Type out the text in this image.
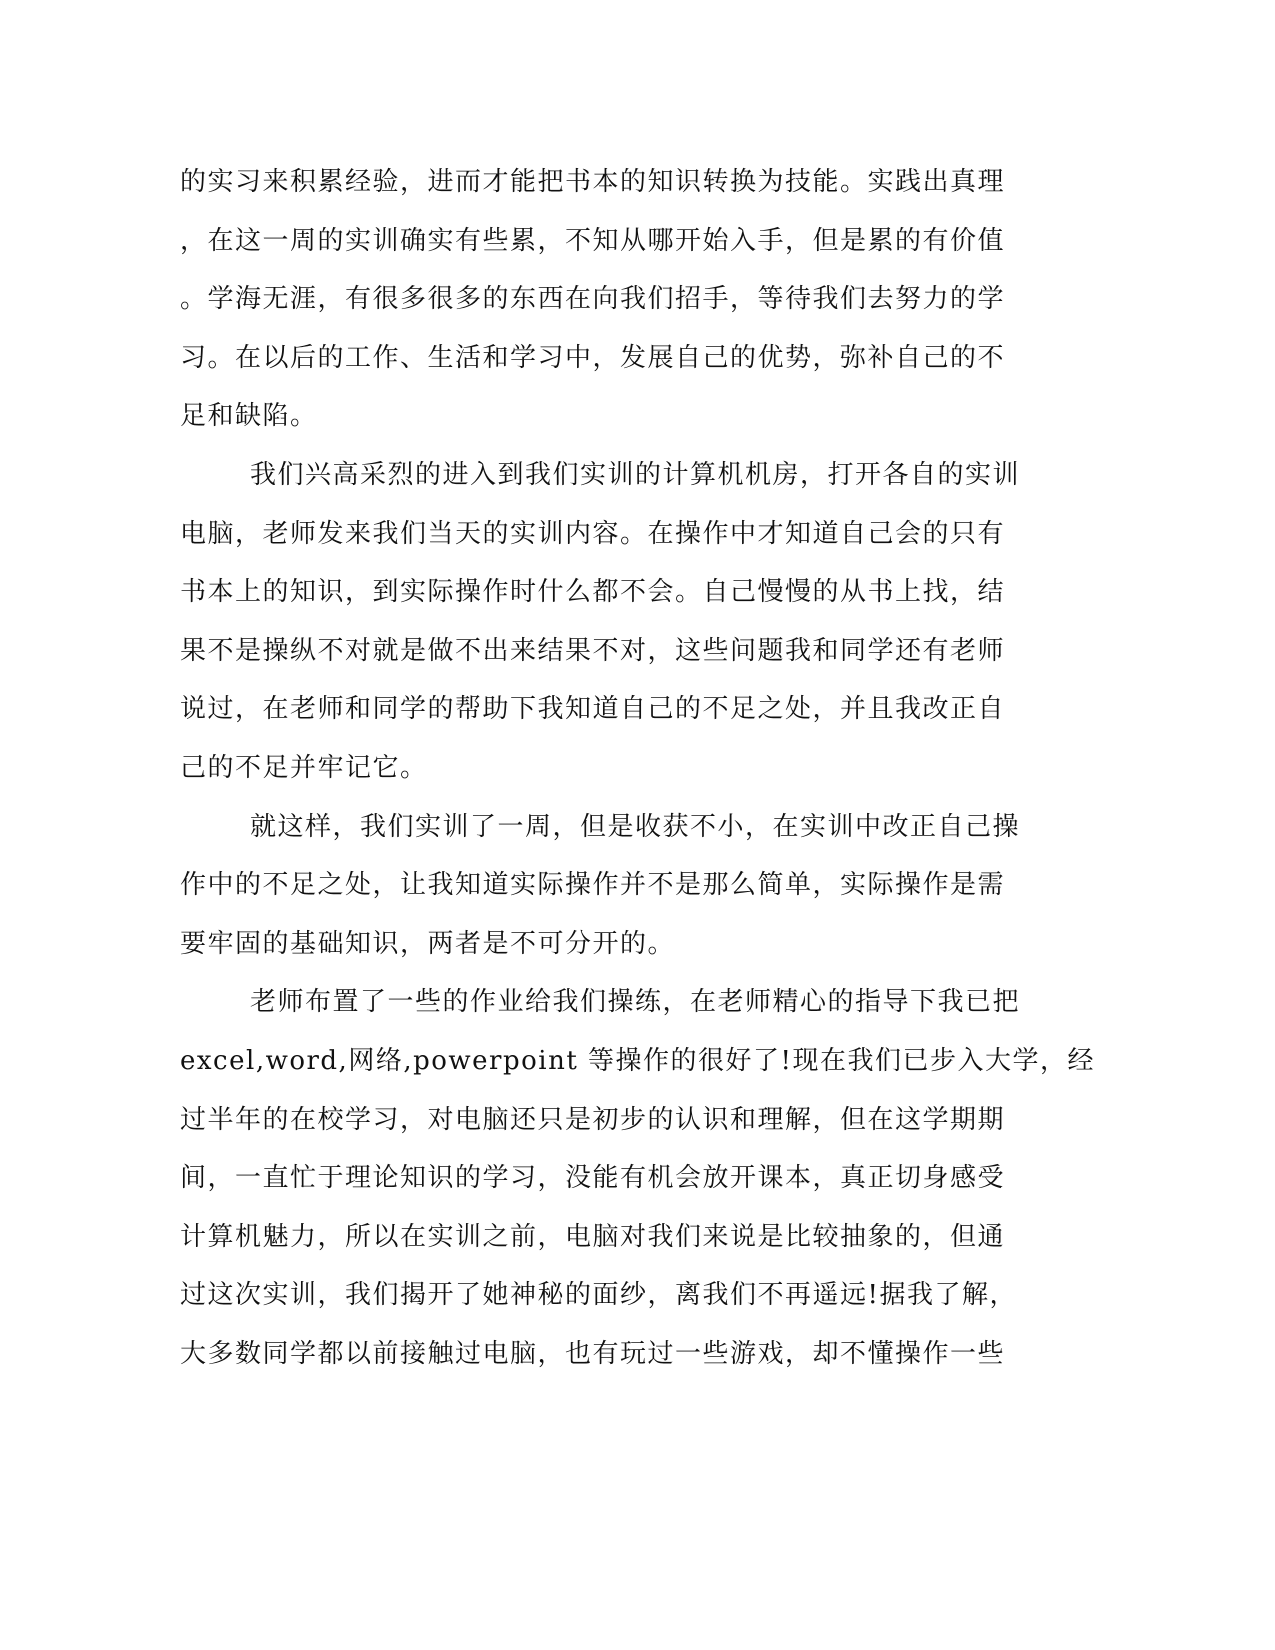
的实习来积累经验，进而才能把书本的知识转换为技能。实践出真理
，在这一周的实训确实有些累，不知从哪开始入手，但是累的有价值
。学海无涯，有很多很多的东西在向我们招手，等待我们去努力的学
习。在以后的工作、生活和学习中，发展自己的优势，弥补自己的不
足和缺陷。
我们兴高采烈的进入到我们实训的计算机机房，打开各自的实训
电脑，老师发来我们当天的实训内容。在操作中才知道自己会的只有
书本上的知识，到实际操作时什么都不会。自己慢慢的从书上找，结
果不是操纵不对就是做不出来结果不对，这些问题我和同学还有老师
说过，在老师和同学的帮助下我知道自己的不足之处，并且我改正自
己的不足并牢记它。
就这样，我们实训了一周，但是收获不小，在实训中改正自己操
作中的不足之处，让我知道实际操作并不是那么简单，实际操作是需
要牢固的基础知识，两者是不可分开的。
老师布置了一些的作业给我们操练，在老师精心的指导下我已把
excel,word,网络,powerpoint 等操作的很好了!现在我们已步入大学，经
过半年的在校学习，对电脑还只是初步的认识和理解，但在这学期期
间，一直忙于理论知识的学习，没能有机会放开课本，真正切身感受
计算机魅力，所以在实训之前，电脑对我们来说是比较抽象的，但通
过这次实训，我们揭开了她神秘的面纱，离我们不再遥远!据我了解，
大多数同学都以前接触过电脑，也有玩过一些游戏，却不懂操作一些
